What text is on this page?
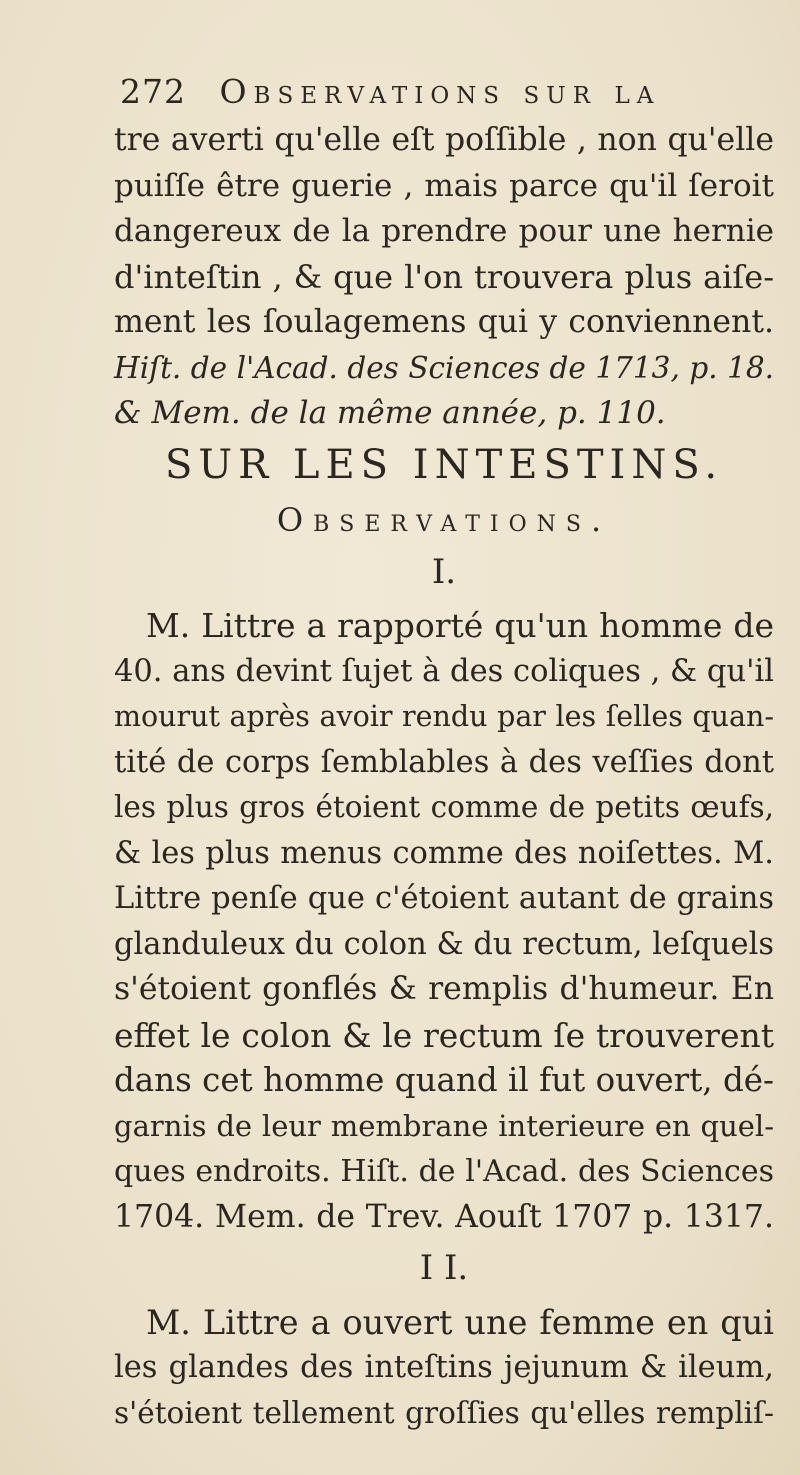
272 Observations sur la
tre averti qu'elle eſt poſſible , non qu'elle
puiſſe être guerie , mais parce qu'il ſeroit
dangereux de la prendre pour une hernie
d'inteſtin , & que l'on trouvera plus aiſe-
ment les ſoulagemens qui y conviennent.
Hiſt. de l'Acad. des Sciences de 1713, p. 18.
& Mem. de la même année, p. 110.
SUR LES INTESTINS.
Observations.
I.
M. Littre a rapporté qu'un homme de
40. ans devint ſujet à des coliques , & qu'il
mourut après avoir rendu par les ſelles quan-
tité de corps ſemblables à des veſſies dont
les plus gros étoient comme de petits œufs,
& les plus menus comme des noiſettes. M.
Littre penſe que c'étoient autant de grains
glanduleux du colon & du rectum, leſquels
s'étoient gonflés & remplis d'humeur. En
effet le colon & le rectum ſe trouverent
dans cet homme quand il fut ouvert, dé-
garnis de leur membrane interieure en quel-
ques endroits. Hiſt. de l'Acad. des Sciences
1704. Mem. de Trev. Aouſt 1707 p. 1317.
I I.
M. Littre a ouvert une femme en qui
les glandes des inteſtins jejunum & ileum,
s'étoient tellement groſſies qu'elles rempliſ-
